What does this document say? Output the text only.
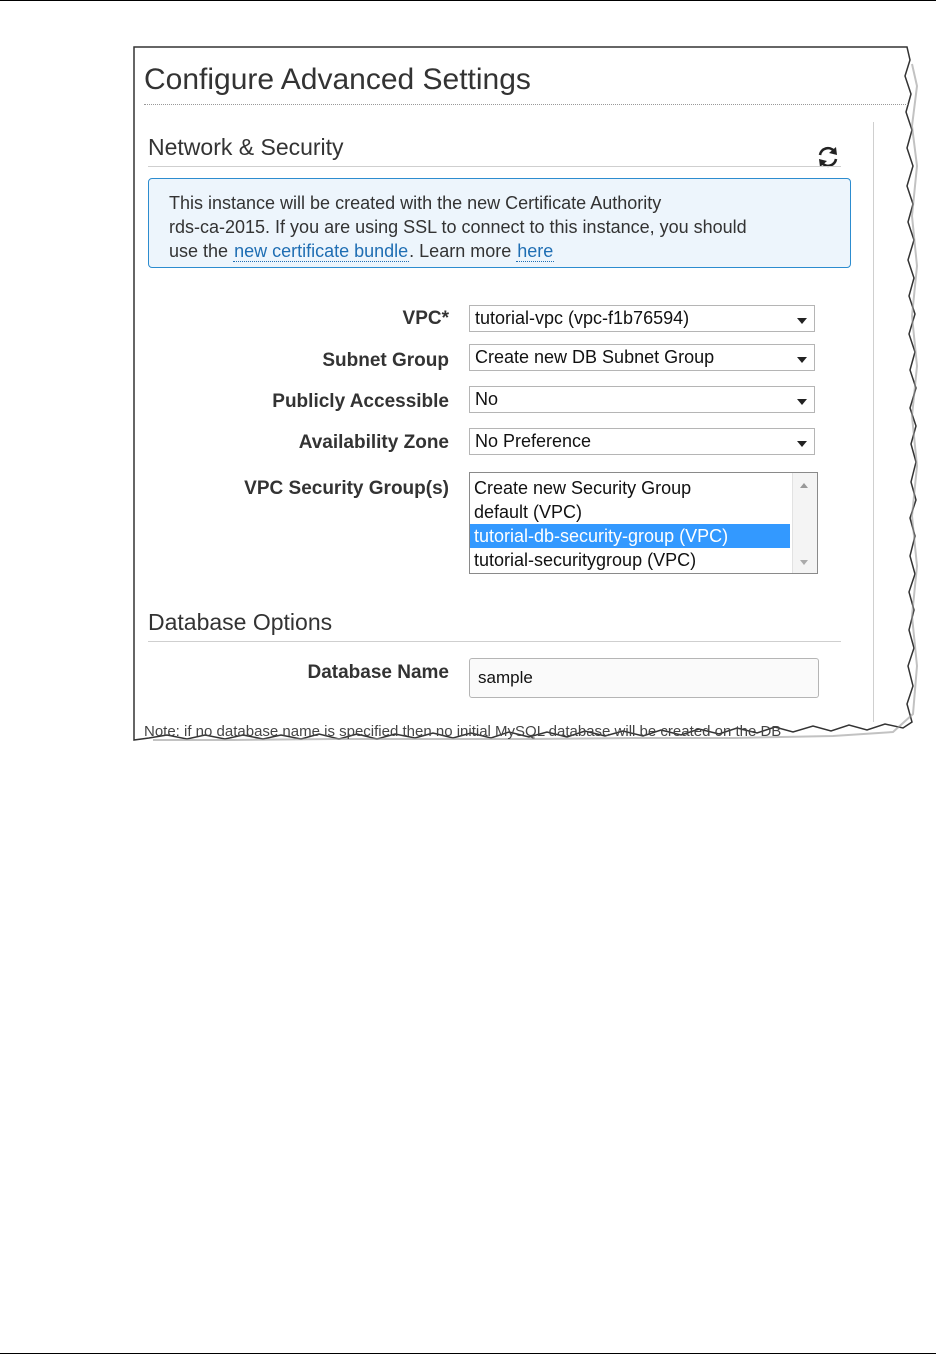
Configure Advanced Settings
Network & Security
This instance will be created with the new Certificate Authority
rds-ca-2015. If you are using SSL to connect to this instance, you should
use the new certificate bundle. Learn more here
VPC*	tutorial-vpc (vpc-f1b76594)
Subnet Group	Create new DB Subnet Group
Publicly Accessible	No
Availability Zone	No Preference
VPC Security Group(s) Create new Security Group
default (VPC)
tutorial-db-security-group (VPC)
tutorial-securitygroup (VPC)
Database Options
Database Name	sample
Note: if no database name is specified then no initial MySQL database will be created on the DB
